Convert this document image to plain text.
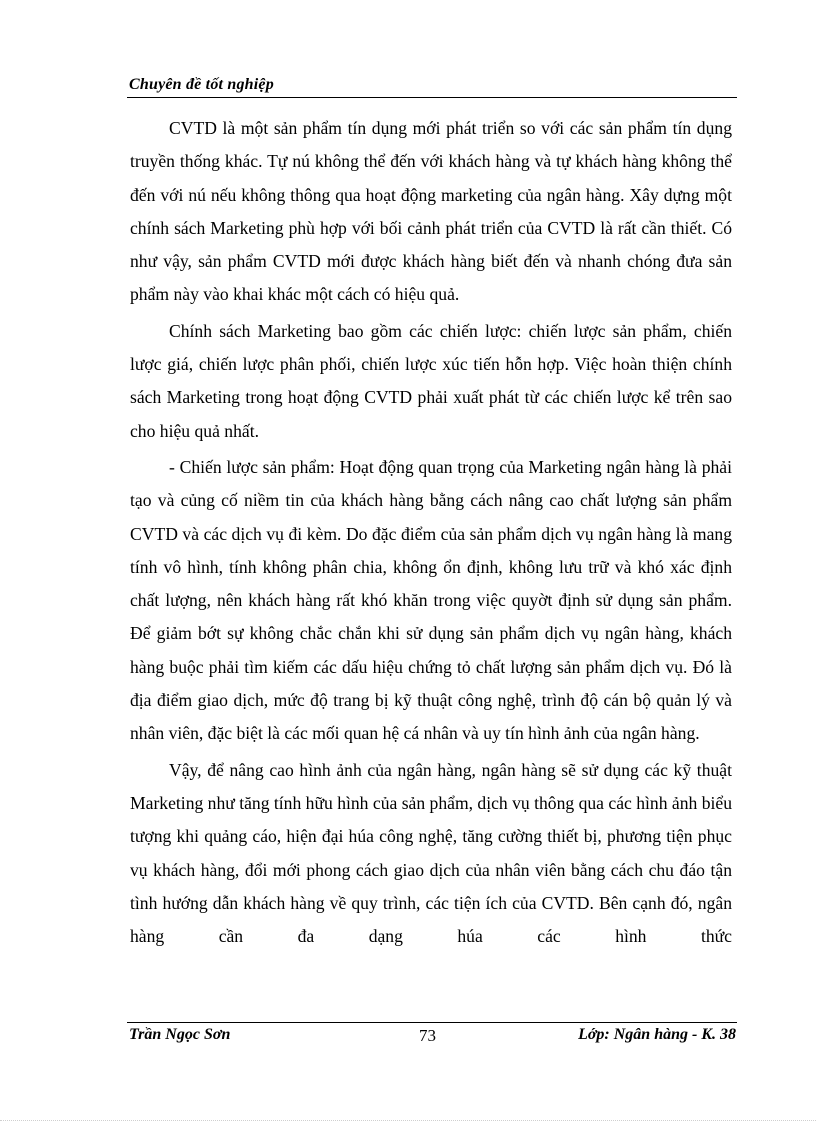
Chuyên đề tốt nghiệp

CVTD là một sản phẩm tín dụng mới phát triển so với các sản phẩm tín dụng truyền thống khác. Tự nú không thể đến với khách hàng và tự khách hàng không thể đến với nú nếu không thông qua hoạt động marketing của ngân hàng. Xây dựng một chính sách Marketing phù hợp với bối cảnh phát triển của CVTD là rất cần thiết. Có như vậy, sản phẩm CVTD mới được khách hàng biết đến và nhanh chóng đưa sản phẩm này vào khai khác một cách có hiệu quả.

Chính sách Marketing bao gồm các chiến lược: chiến lược sản phẩm, chiến lược giá, chiến lược phân phối, chiến lược xúc tiến hỗn hợp. Việc hoàn thiện chính sách Marketing trong hoạt động CVTD phải xuất phát từ các chiến lược kể trên sao cho hiệu quả nhất.

- Chiến lược sản phẩm: Hoạt động quan trọng của Marketing ngân hàng là phải tạo và củng cố niềm tin của khách hàng bằng cách nâng cao chất lượng sản phẩm CVTD và các dịch vụ đi kèm. Do đặc điểm của sản phẩm dịch vụ ngân hàng là mang tính vô hình, tính không phân chia, không ổn định, không lưu trữ và khó xác định chất lượng, nên khách hàng rất khó khăn trong việc quyờt định sử dụng sản phẩm. Để giảm bớt sự không chắc chắn khi sử dụng sản phẩm dịch vụ ngân hàng, khách hàng buộc phải tìm kiếm các dấu hiệu chứng tỏ chất lượng sản phẩm dịch vụ. Đó là địa điểm giao dịch, mức độ trang bị kỹ thuật công nghệ, trình độ cán bộ quản lý và nhân viên, đặc biệt là các mối quan hệ cá nhân và uy tín hình ảnh của ngân hàng.

Vậy, để nâng cao hình ảnh của ngân hàng, ngân hàng sẽ sử dụng các kỹ thuật Marketing như tăng tính hữu hình của sản phẩm, dịch vụ thông qua các hình ảnh biểu tượng khi quảng cáo, hiện đại húa công nghệ, tăng cường thiết bị, phương tiện phục vụ khách hàng, đổi mới phong cách giao dịch của nhân viên bằng cách chu đáo tận tình hướng dẫn khách hàng về quy trình, các tiện ích của CVTD. Bên cạnh đó, ngân hàng cần đa dạng húa các hình thức

Trần Ngọc Sơn	73	Lớp: Ngân hàng - K. 38
